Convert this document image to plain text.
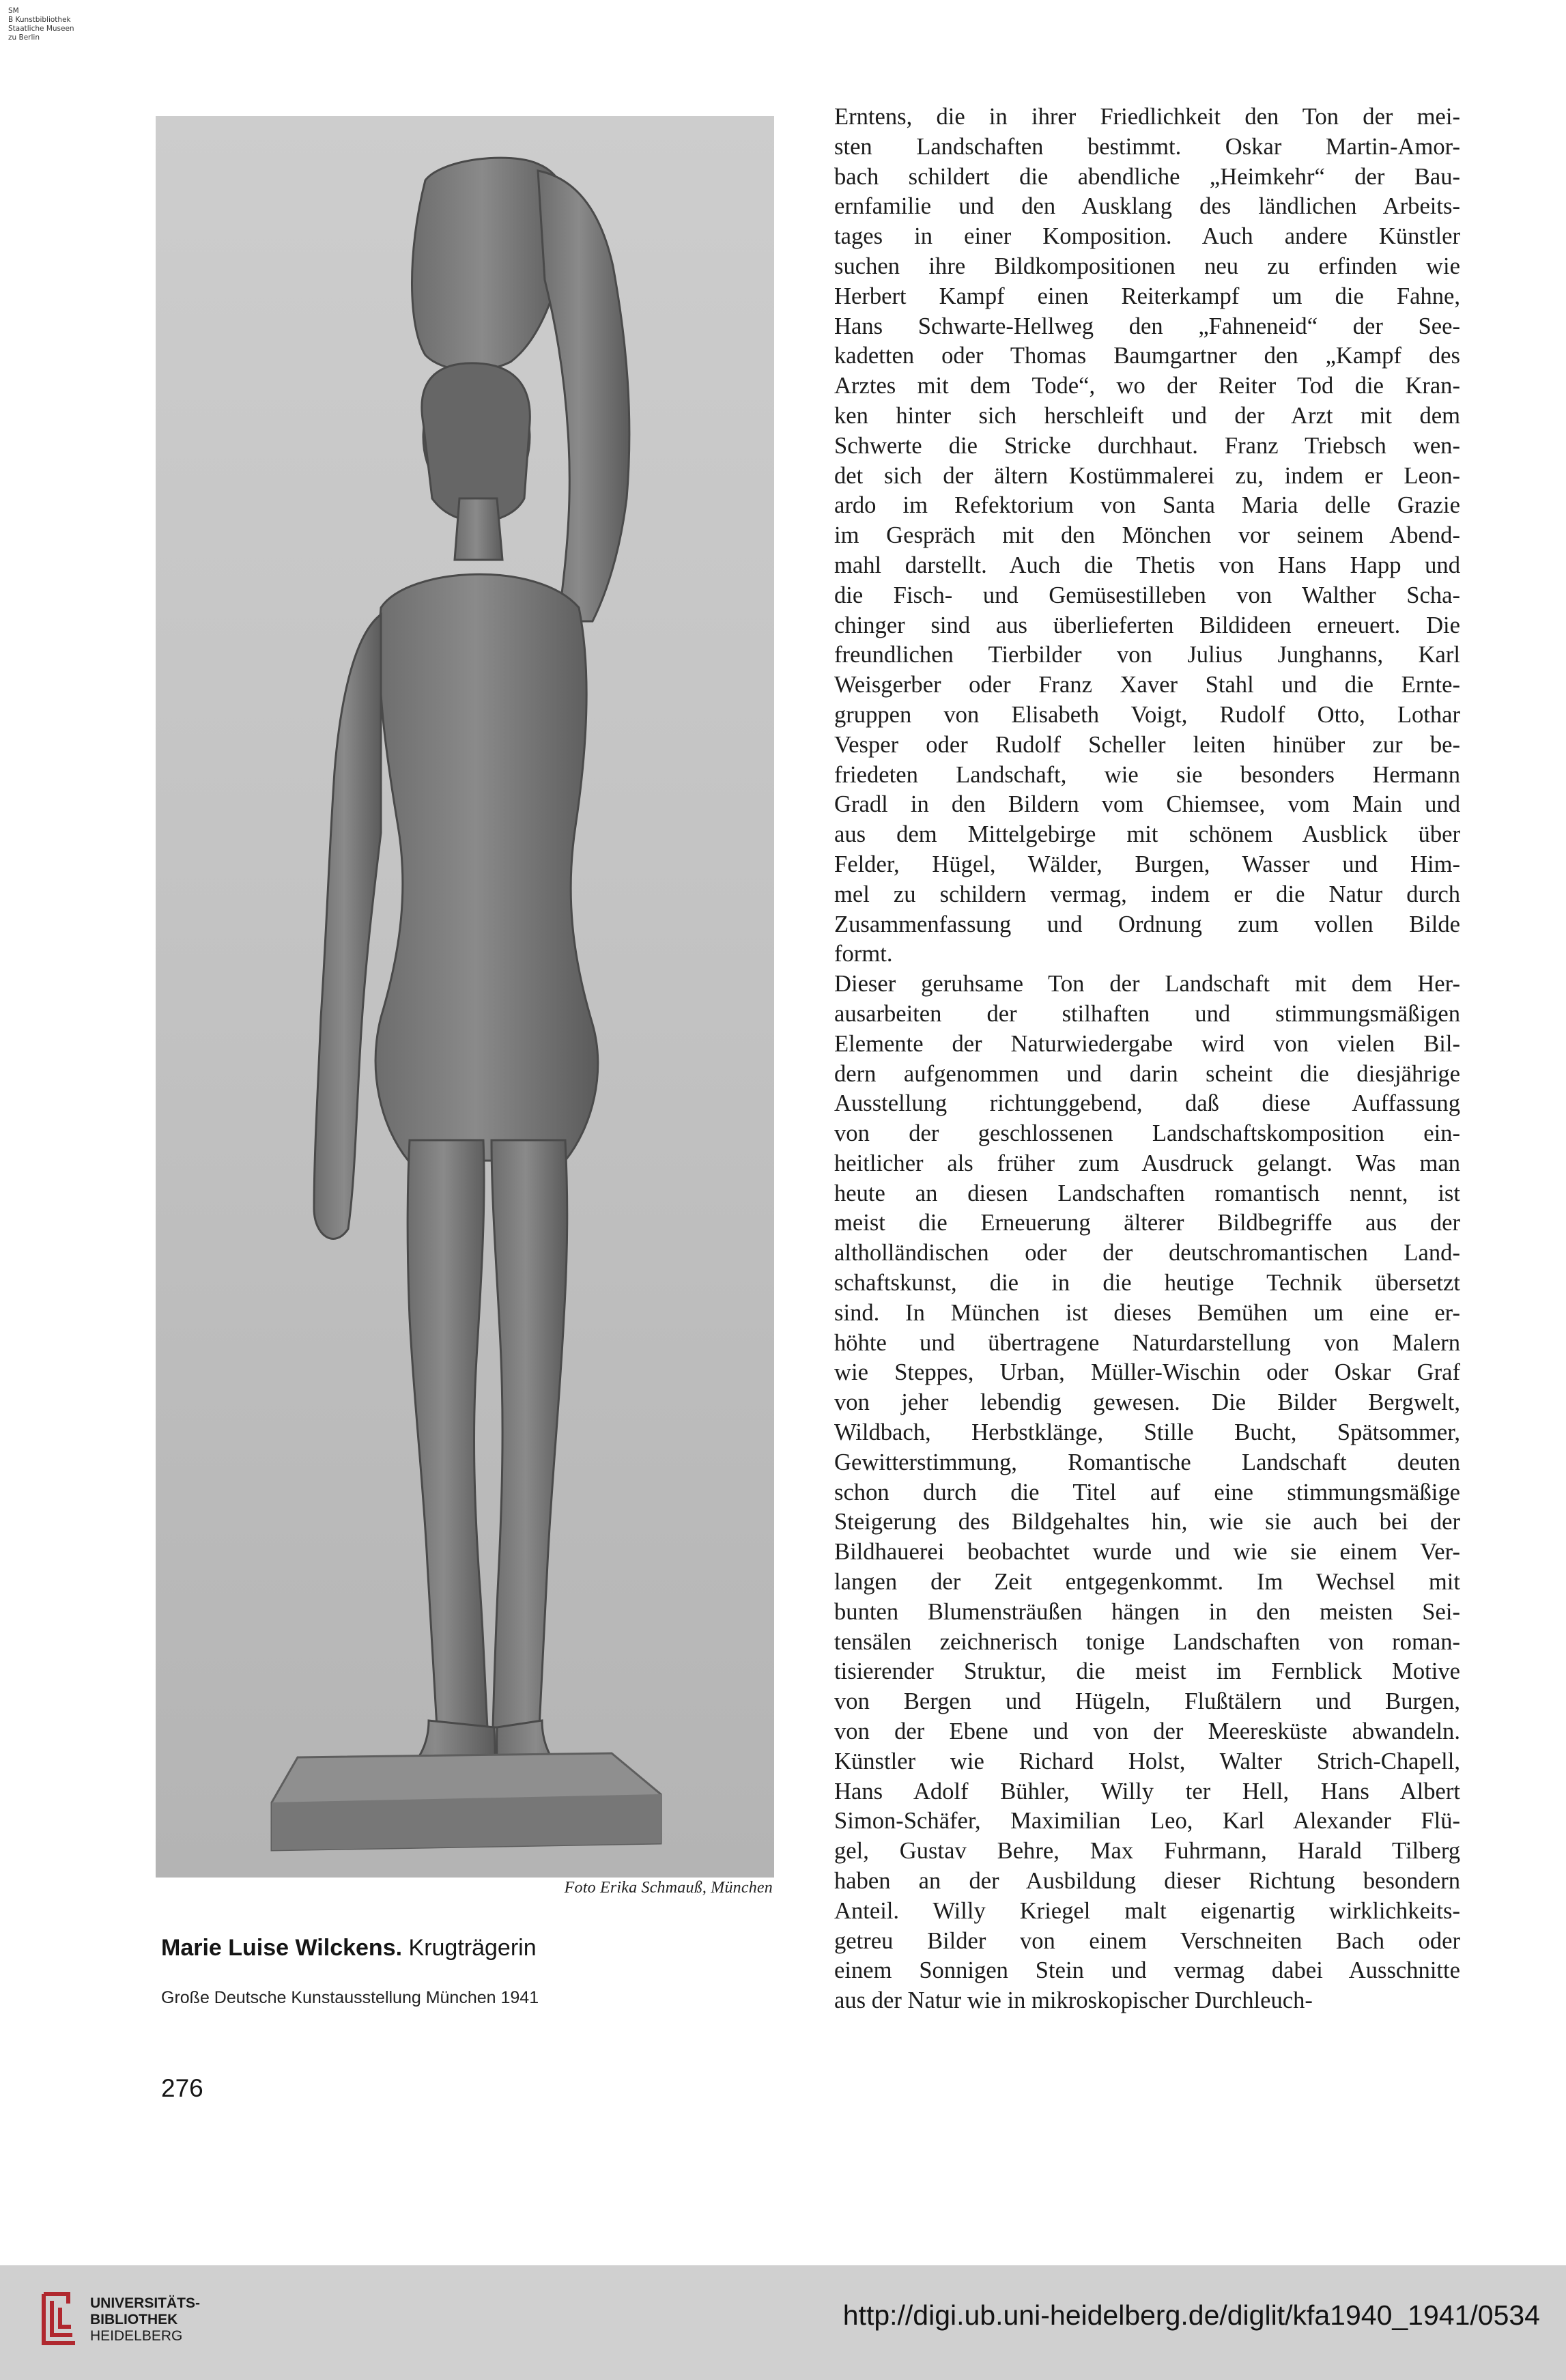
SM
B Kunstbibliothek
Staatliche Museen
zu Berlin
Foto Erika Schmauß, München
Marie Luise Wilckens. Krugträgerin
Große Deutsche Kunstausstellung München 1941
276
Erntens, die in ihrer Friedlichkeit den Ton der mei-
sten Landschaften bestimmt. Oskar Martin-Amor-
bach schildert die abendliche „Heimkehr“ der Bau-
ernfamilie und den Ausklang des ländlichen Arbeits-
tages in einer Komposition. Auch andere Künstler
suchen ihre Bildkompositionen neu zu erfinden wie
Herbert Kampf einen Reiterkampf um die Fahne,
Hans Schwarte-Hellweg den „Fahneneid“ der See-
kadetten oder Thomas Baumgartner den „Kampf des
Arztes mit dem Tode“, wo der Reiter Tod die Kran-
ken hinter sich herschleift und der Arzt mit dem
Schwerte die Stricke durchhaut. Franz Triebsch wen-
det sich der ältern Kostümmalerei zu, indem er Leon-
ardo im Refektorium von Santa Maria delle Grazie
im Gespräch mit den Mönchen vor seinem Abend-
mahl darstellt. Auch die Thetis von Hans Happ und
die Fisch- und Gemüsestilleben von Walther Scha-
chinger sind aus überlieferten Bildideen erneuert. Die
freundlichen Tierbilder von Julius Junghanns, Karl
Weisgerber oder Franz Xaver Stahl und die Ernte-
gruppen von Elisabeth Voigt, Rudolf Otto, Lothar
Vesper oder Rudolf Scheller leiten hinüber zur be-
friedeten Landschaft, wie sie besonders Hermann
Gradl in den Bildern vom Chiemsee, vom Main und
aus dem Mittelgebirge mit schönem Ausblick über
Felder, Hügel, Wälder, Burgen, Wasser und Him-
mel zu schildern vermag, indem er die Natur durch
Zusammenfassung und Ordnung zum vollen Bilde
formt.
Dieser geruhsame Ton der Landschaft mit dem Her-
ausarbeiten der stilhaften und stimmungsmäßigen
Elemente der Naturwiedergabe wird von vielen Bil-
dern aufgenommen und darin scheint die diesjährige
Ausstellung richtunggebend, daß diese Auffassung
von der geschlossenen Landschaftskomposition ein-
heitlicher als früher zum Ausdruck gelangt. Was man
heute an diesen Landschaften romantisch nennt, ist
meist die Erneuerung älterer Bildbegriffe aus der
altholländischen oder der deutschromantischen Land-
schaftskunst, die in die heutige Technik übersetzt
sind. In München ist dieses Bemühen um eine er-
höhte und übertragene Naturdarstellung von Malern
wie Steppes, Urban, Müller-Wischin oder Oskar Graf
von jeher lebendig gewesen. Die Bilder Bergwelt,
Wildbach, Herbstklänge, Stille Bucht, Spätsommer,
Gewitterstimmung, Romantische Landschaft deuten
schon durch die Titel auf eine stimmungsmäßige
Steigerung des Bildgehaltes hin, wie sie auch bei der
Bildhauerei beobachtet wurde und wie sie einem Ver-
langen der Zeit entgegenkommt. Im Wechsel mit
bunten Blumensträußen hängen in den meisten Sei-
tensälen zeichnerisch tonige Landschaften von roman-
tisierender Struktur, die meist im Fernblick Motive
von Bergen und Hügeln, Flußtälern und Burgen,
von der Ebene und von der Meeresküste abwandeln.
Künstler wie Richard Holst, Walter Strich-Chapell,
Hans Adolf Bühler, Willy ter Hell, Hans Albert
Simon-Schäfer, Maximilian Leo, Karl Alexander Flü-
gel, Gustav Behre, Max Fuhrmann, Harald Tilberg
haben an der Ausbildung dieser Richtung besondern
Anteil. Willy Kriegel malt eigenartig wirklichkeits-
getreu Bilder von einem Verschneiten Bach oder
einem Sonnigen Stein und vermag dabei Ausschnitte
aus der Natur wie in mikroskopischer Durchleuch-
UNIVERSITÄTS-
BIBLIOTHEK
HEIDELBERG
http://digi.ub.uni-heidelberg.de/diglit/kfa1940_1941/0534
